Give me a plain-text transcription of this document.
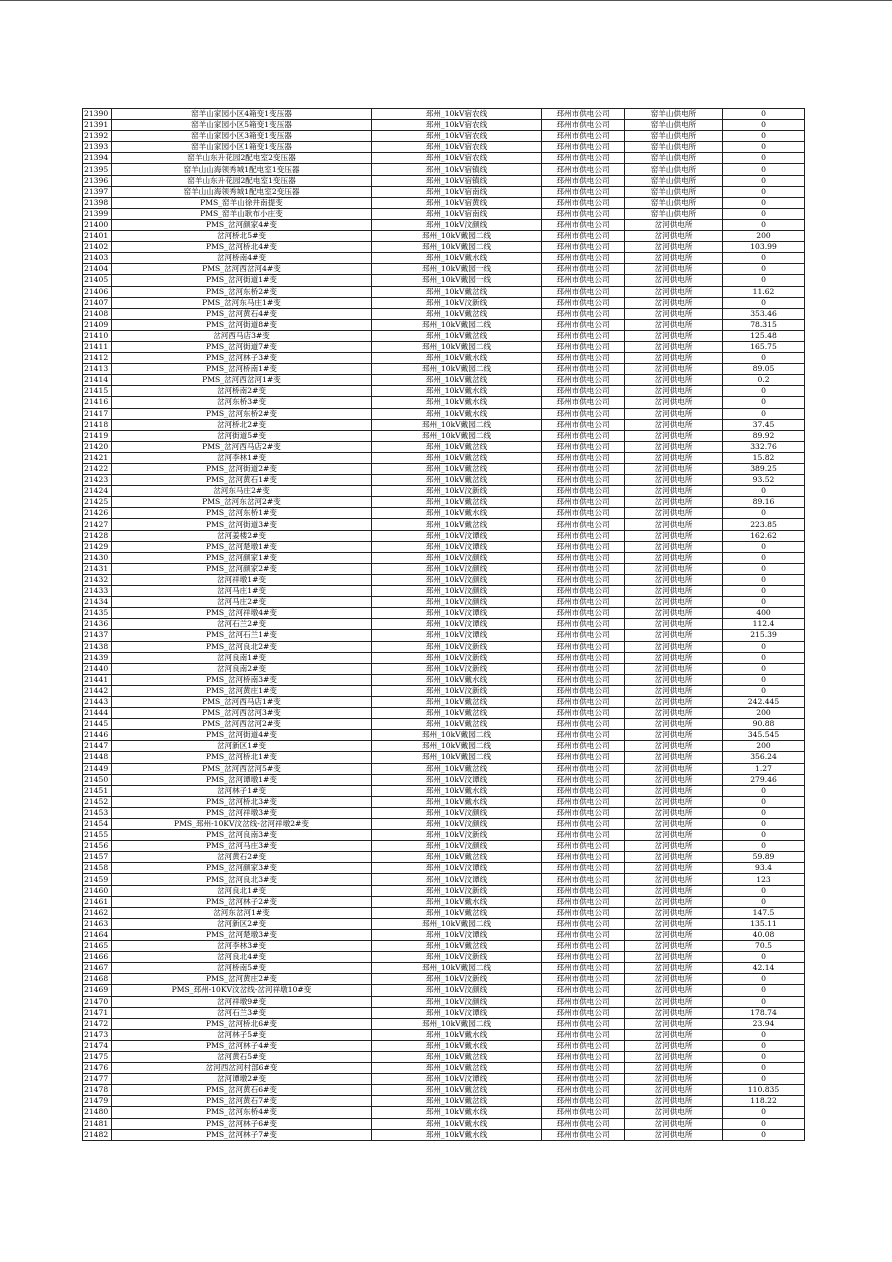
21390	窑羊山家园小区4箱变1变压器	邳州_10kV宿农线	邳州市供电公司	窑羊山供电所	0
21391	窑羊山家园小区5箱变1变压器	邳州_10kV宿农线	邳州市供电公司	窑羊山供电所	0
21392	窑羊山家园小区3箱变1变压器	邳州_10kV宿农线	邳州市供电公司	窑羊山供电所	0
21393	窑羊山家园小区1箱变1变压器	邳州_10kV宿农线	邳州市供电公司	窑羊山供电所	0
21394	窑羊山东升花园2配电室2变压器	邳州_10kV宿农线	邳州市供电公司	窑羊山供电所	0
21395	窑羊山山海领秀城1配电室1变压器	邳州_10kV宿镇线	邳州市供电公司	窑羊山供电所	0
21396	窑羊山东升花园2配电室1变压器	邳州_10kV宿镇线	邳州市供电公司	窑羊山供电所	0
21397	窑羊山山海领秀城1配电室2变压器	邳州_10kV宿南线	邳州市供电公司	窑羊山供电所	0
21398	PMS_窑羊山徐井南提变	邳州_10kV宿黄线	邳州市供电公司	窑羊山供电所	0
21399	PMS_窑羊山耿布小庄变	邳州_10kV宿南线	邳州市供电公司	窑羊山供电所	0
21400	PMS_岔河颜家4#变	邳州_10kV汶颜线	邳州市供电公司	岔河供电所	0
21401	岔河桥北5#变	邳州_10kV戴园二线	邳州市供电公司	岔河供电所	200
21402	PMS_岔河桥北4#变	邳州_10kV戴园二线	邳州市供电公司	岔河供电所	103.99
21403	岔河桥南4#变	邳州_10kV戴水线	邳州市供电公司	岔河供电所	0
21404	PMS_岔河西岔河4#变	邳州_10kV戴园一线	邳州市供电公司	岔河供电所	0
21405	PMS_岔河街道1#变	邳州_10kV戴园一线	邳州市供电公司	岔河供电所	0
21406	PMS_岔河东桥2#变	邳州_10kV戴岔线	邳州市供电公司	岔河供电所	11.62
21407	PMS_岔河东马庄1#变	邳州_10kV汶新线	邳州市供电公司	岔河供电所	0
21408	PMS_岔河黄石4#变	邳州_10kV戴岔线	邳州市供电公司	岔河供电所	353.46
21409	PMS_岔河街道8#变	邳州_10kV戴园二线	邳州市供电公司	岔河供电所	78.315
21410	岔河西马店3#变	邳州_10kV戴岔线	邳州市供电公司	岔河供电所	125.48
21411	PMS_岔河街道7#变	邳州_10kV戴园二线	邳州市供电公司	岔河供电所	165.75
21412	PMS_岔河林子3#变	邳州_10kV戴水线	邳州市供电公司	岔河供电所	0
21413	PMS_岔河桥南1#变	邳州_10kV戴园二线	邳州市供电公司	岔河供电所	89.05
21414	PMS_岔河西岔河1#变	邳州_10kV戴岔线	邳州市供电公司	岔河供电所	0.2
21415	岔河桥南2#变	邳州_10kV戴水线	邳州市供电公司	岔河供电所	0
21416	岔河东桥3#变	邳州_10kV戴水线	邳州市供电公司	岔河供电所	0
21417	PMS_岔河东桥2#变	邳州_10kV戴水线	邳州市供电公司	岔河供电所	0
21418	岔河桥北2#变	邳州_10kV戴园二线	邳州市供电公司	岔河供电所	37.45
21419	岔河街道5#变	邳州_10kV戴园二线	邳州市供电公司	岔河供电所	89.92
21420	PMS_岔河西马店2#变	邳州_10kV戴岔线	邳州市供电公司	岔河供电所	332.76
21421	岔河李林1#变	邳州_10kV戴岔线	邳州市供电公司	岔河供电所	15.82
21422	PMS_岔河街道2#变	邳州_10kV戴岔线	邳州市供电公司	岔河供电所	389.25
21423	PMS_岔河黄石1#变	邳州_10kV戴岔线	邳州市供电公司	岔河供电所	93.52
21424	岔河东马庄2#变	邳州_10kV汶新线	邳州市供电公司	岔河供电所	0
21425	PMS_岔河东岔河2#变	邳州_10kV戴岔线	邳州市供电公司	岔河供电所	89.16
21426	PMS_岔河东桥1#变	邳州_10kV戴水线	邳州市供电公司	岔河供电所	0
21427	PMS_岔河街道3#变	邳州_10kV戴岔线	邳州市供电公司	岔河供电所	223.85
21428	岔河姜楼2#变	邳州_10kV汶谭线	邳州市供电公司	岔河供电所	162.62
21429	PMS_岔河楚墩1#变	邳州_10kV汶谭线	邳州市供电公司	岔河供电所	0
21430	PMS_岔河颜家1#变	邳州_10kV汶颜线	邳州市供电公司	岔河供电所	0
21431	PMS_岔河颜家2#变	邳州_10kV汶颜线	邳州市供电公司	岔河供电所	0
21432	岔河祥墩1#变	邳州_10kV汶颜线	邳州市供电公司	岔河供电所	0
21433	岔河马庄1#变	邳州_10kV汶颜线	邳州市供电公司	岔河供电所	0
21434	岔河马庄2#变	邳州_10kV汶颜线	邳州市供电公司	岔河供电所	0
21435	PMS_岔河祥墩4#变	邳州_10kV汶谭线	邳州市供电公司	岔河供电所	400
21436	岔河石兰2#变	邳州_10kV汶谭线	邳州市供电公司	岔河供电所	112.4
21437	PMS_岔河石兰1#变	邳州_10kV汶谭线	邳州市供电公司	岔河供电所	215.39
21438	PMS_岔河良北2#变	邳州_10kV汶新线	邳州市供电公司	岔河供电所	0
21439	岔河良南1#变	邳州_10kV汶新线	邳州市供电公司	岔河供电所	0
21440	岔河良南2#变	邳州_10kV汶新线	邳州市供电公司	岔河供电所	0
21441	PMS_岔河桥南3#变	邳州_10kV戴水线	邳州市供电公司	岔河供电所	0
21442	PMS_岔河黄庄1#变	邳州_10kV汶新线	邳州市供电公司	岔河供电所	0
21443	PMS_岔河西马店1#变	邳州_10kV戴岔线	邳州市供电公司	岔河供电所	242.445
21444	PMS_岔河西岔河3#变	邳州_10kV戴岔线	邳州市供电公司	岔河供电所	200
21445	PMS_岔河西岔河2#变	邳州_10kV戴岔线	邳州市供电公司	岔河供电所	90.88
21446	PMS_岔河街道4#变	邳州_10kV戴园二线	邳州市供电公司	岔河供电所	345.545
21447	岔河新区1#变	邳州_10kV戴园二线	邳州市供电公司	岔河供电所	200
21448	PMS_岔河桥北1#变	邳州_10kV戴园二线	邳州市供电公司	岔河供电所	356.24
21449	PMS_岔河西岔河5#变	邳州_10kV戴岔线	邳州市供电公司	岔河供电所	1.27
21450	PMS_岔河谭墩1#变	邳州_10kV汶谭线	邳州市供电公司	岔河供电所	279.46
21451	岔河林子1#变	邳州_10kV戴水线	邳州市供电公司	岔河供电所	0
21452	PMS_岔河桥北3#变	邳州_10kV戴水线	邳州市供电公司	岔河供电所	0
21453	PMS_岔河祥墩3#变	邳州_10kV汶颜线	邳州市供电公司	岔河供电所	0
21454	PMS_邳州-10KV汶岔线-岔河祥墩2#变	邳州_10kV汶颜线	邳州市供电公司	岔河供电所	0
21455	PMS_岔河良南3#变	邳州_10kV汶新线	邳州市供电公司	岔河供电所	0
21456	PMS_岔河马庄3#变	邳州_10kV汶颜线	邳州市供电公司	岔河供电所	0
21457	岔河黄石2#变	邳州_10kV戴岔线	邳州市供电公司	岔河供电所	59.89
21458	PMS_岔河颜家3#变	邳州_10kV汶谭线	邳州市供电公司	岔河供电所	93.4
21459	PMS_岔河良北3#变	邳州_10kV汶谭线	邳州市供电公司	岔河供电所	123
21460	岔河良北1#变	邳州_10kV汶新线	邳州市供电公司	岔河供电所	0
21461	PMS_岔河林子2#变	邳州_10kV戴水线	邳州市供电公司	岔河供电所	0
21462	岔河东岔河1#变	邳州_10kV戴岔线	邳州市供电公司	岔河供电所	147.5
21463	岔河新区2#变	邳州_10kV戴园二线	邳州市供电公司	岔河供电所	135.11
21464	PMS_岔河楚墩3#变	邳州_10kV汶谭线	邳州市供电公司	岔河供电所	40.08
21465	岔河李林3#变	邳州_10kV戴岔线	邳州市供电公司	岔河供电所	70.5
21466	岔河良北4#变	邳州_10kV汶新线	邳州市供电公司	岔河供电所	0
21467	岔河桥南5#变	邳州_10kV戴园二线	邳州市供电公司	岔河供电所	42.14
21468	PMS_岔河黄庄2#变	邳州_10kV汶新线	邳州市供电公司	岔河供电所	0
21469	PMS_邳州-10KV汶岔线-岔河祥墩10#变	邳州_10kV汶颜线	邳州市供电公司	岔河供电所	0
21470	岔河祥墩9#变	邳州_10kV汶颜线	邳州市供电公司	岔河供电所	0
21471	岔河石兰3#变	邳州_10kV汶谭线	邳州市供电公司	岔河供电所	178.74
21472	PMS_岔河桥北6#变	邳州_10kV戴园二线	邳州市供电公司	岔河供电所	23.94
21473	岔河林子5#变	邳州_10kV戴水线	邳州市供电公司	岔河供电所	0
21474	PMS_岔河林子4#变	邳州_10kV戴水线	邳州市供电公司	岔河供电所	0
21475	岔河黄石5#变	邳州_10kV戴岔线	邳州市供电公司	岔河供电所	0
21476	岔河西岔河村部6#变	邳州_10kV戴岔线	邳州市供电公司	岔河供电所	0
21477	岔河谭墩2#变	邳州_10kV汶谭线	邳州市供电公司	岔河供电所	0
21478	PMS_岔河黄石6#变	邳州_10kV戴岔线	邳州市供电公司	岔河供电所	110.835
21479	PMS_岔河黄石7#变	邳州_10kV戴岔线	邳州市供电公司	岔河供电所	118.22
21480	PMS_岔河东桥4#变	邳州_10kV戴水线	邳州市供电公司	岔河供电所	0
21481	PMS_岔河林子6#变	邳州_10kV戴水线	邳州市供电公司	岔河供电所	0
21482	PMS_岔河林子7#变	邳州_10kV戴水线	邳州市供电公司	岔河供电所	0
